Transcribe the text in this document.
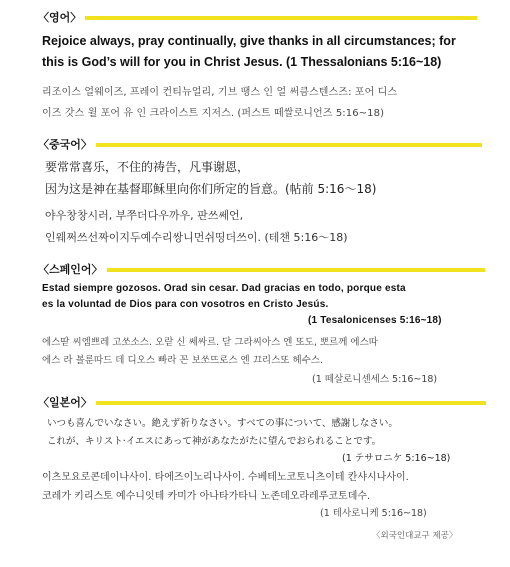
〈영어〉
Rejoice always, pray continually, give thanks in all circumstances; for
this is God’s will for you in Christ Jesus. (1 Thessalonians 5:16~18)
리조이스 얼웨이즈, 프레이 컨티뉴얼리, 기브 땡스 인 얼 써큼스텐스즈: 포어 디스
이즈 갓스 윌 포어 유 인 크라이스트 지저스. (퍼스트 떼쌀로니언즈 5:16~18)
〈중국어〉
要常常喜乐，不住的祷告，凡事谢恩，
因为这是神在基督耶稣里向你们所定的旨意。(帖前 5:16～18)
야우창창시러, 부쭈더다우까우, 판쓰쎄언,
인웨쩌쓰선짜이지두예수리쌍니먼쉬띵더쓰이. (테챈 5:16～18)
〈스페인어〉
Estad siempre gozosos. Orad sin cesar. Dad gracias en todo, porque esta
es la voluntad de Dios para con vosotros en Cristo Jesús.
(1 Tesalonicenses 5:16~18)
에스딷 씨엠쁘레 고쏘소스. 오랃 신 쎄싸르. 닫 그라씨아스 엔 또도, 뽀르께 에스따
에스 라 볼룬따드 데 디오스 빠라 꼰 보쏘뜨로스 엔 끄리스또 헤수스.
(1 떼살로니센세스 5:16~18)
〈일본어〉
いつも喜んでいなさい。絶えず祈りなさい。すべての事について、感謝しなさい。
これが、キリスト·イエスにあって神があなたがたに望んでおられることです。
(1 テサロニケ 5:16~18)
이츠모요로콘데이나사이. 타에즈이노리나사이. 수베테노코토니츠이테 칸샤시나사이.
코레가 키리스토 예수니잇테 카미가 아나타가타니 노존데오라레루코토데수.
(1 테사로니케 5:16~18)
〈외국인대교구 제공〉
